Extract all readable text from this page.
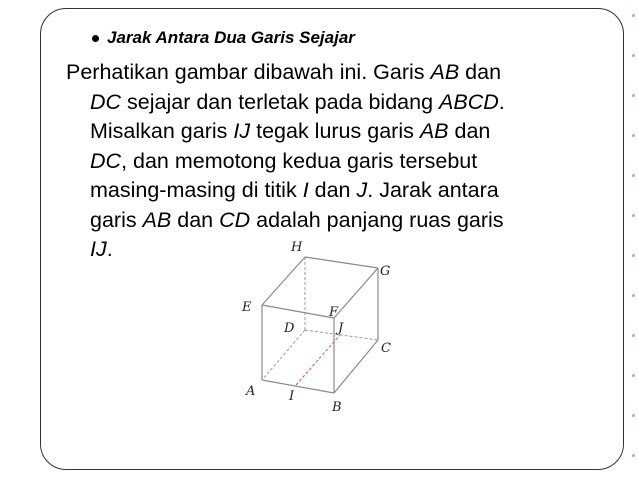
Jarak Antara Dua Garis Sejajar
Perhatikan gambar dibawah ini. Garis AB dan
DC sejajar dan terletak pada bidang ABCD.
Misalkan garis IJ tegak lurus garis AB dan
DC, dan memotong kedua garis tersebut
masing-masing di titik I dan J. Jarak antara
garis AB dan CD adalah panjang ruas garis
IJ.	H
G
E	F
D	J
C
A	I
B
